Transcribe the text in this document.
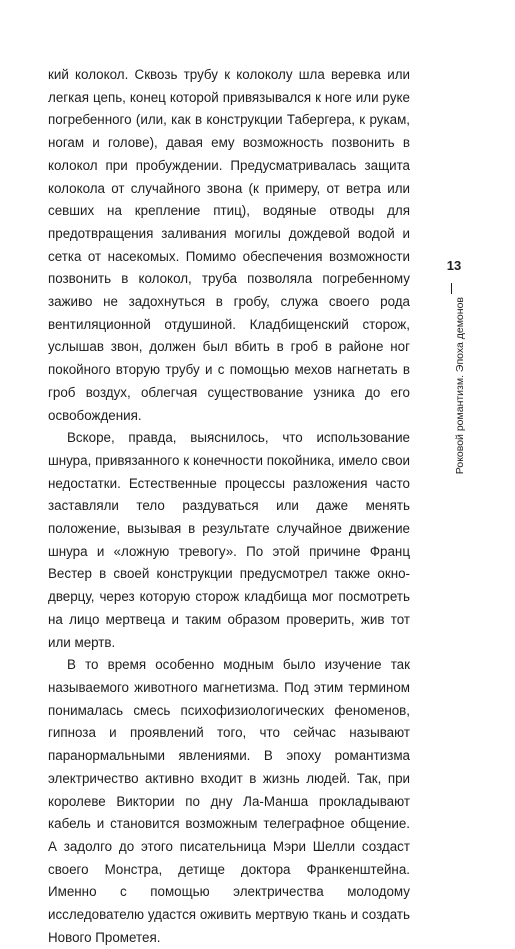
кий колокол. Сквозь трубу к колоколу шла веревка или легкая цепь, конец которой привязывался к ноге или руке погребенного (или, как в конструкции Табергера, к рукам, ногам и голове), давая ему возможность позвонить в колокол при пробуждении. Предусматривалась защита колокола от случайного звона (к примеру, от ветра или севших на крепление птиц), водяные отводы для предотвращения заливания могилы дождевой водой и сетка от насекомых. Помимо обеспечения возможности позвонить в колокол, труба позволяла погребенному заживо не задохнуться в гробу, служа своего рода вентиляционной отдушиной. Кладбищенский сторож, услышав звон, должен был вбить в гроб в районе ног покойного вторую трубу и с помощью мехов нагнетать в гроб воздух, облегчая существование узника до его освобождения.

Вскоре, правда, выяснилось, что использование шнура, привязанного к конечности покойника, имело свои недостатки. Естественные процессы разложения часто заставляли тело раздуваться или даже менять положение, вызывая в результате случайное движение шнура и «ложную тревогу». По этой причине Франц Вестер в своей конструкции предусмотрел также окно-дверцу, через которую сторож кладбища мог посмотреть на лицо мертвеца и таким образом проверить, жив тот или мертв.

В то время особенно модным было изучение так называемого животного магнетизма. Под этим термином понималась смесь психофизиологических феноменов, гипноза и проявлений того, что сейчас называют паранормальными явлениями. В эпоху романтизма электричество активно входит в жизнь людей. Так, при королеве Виктории по дну Ла-Манша прокладывают кабель и становится возможным телеграфное общение. А задолго до этого писательница Мэри Шелли создаст своего Монстра, детище доктора Франкенштейна. Именно с помощью электричества молодому исследователю удастся оживить мертвую ткань и создать Нового Прометея.

13
Роковой романтизм. Эпоха демонов
